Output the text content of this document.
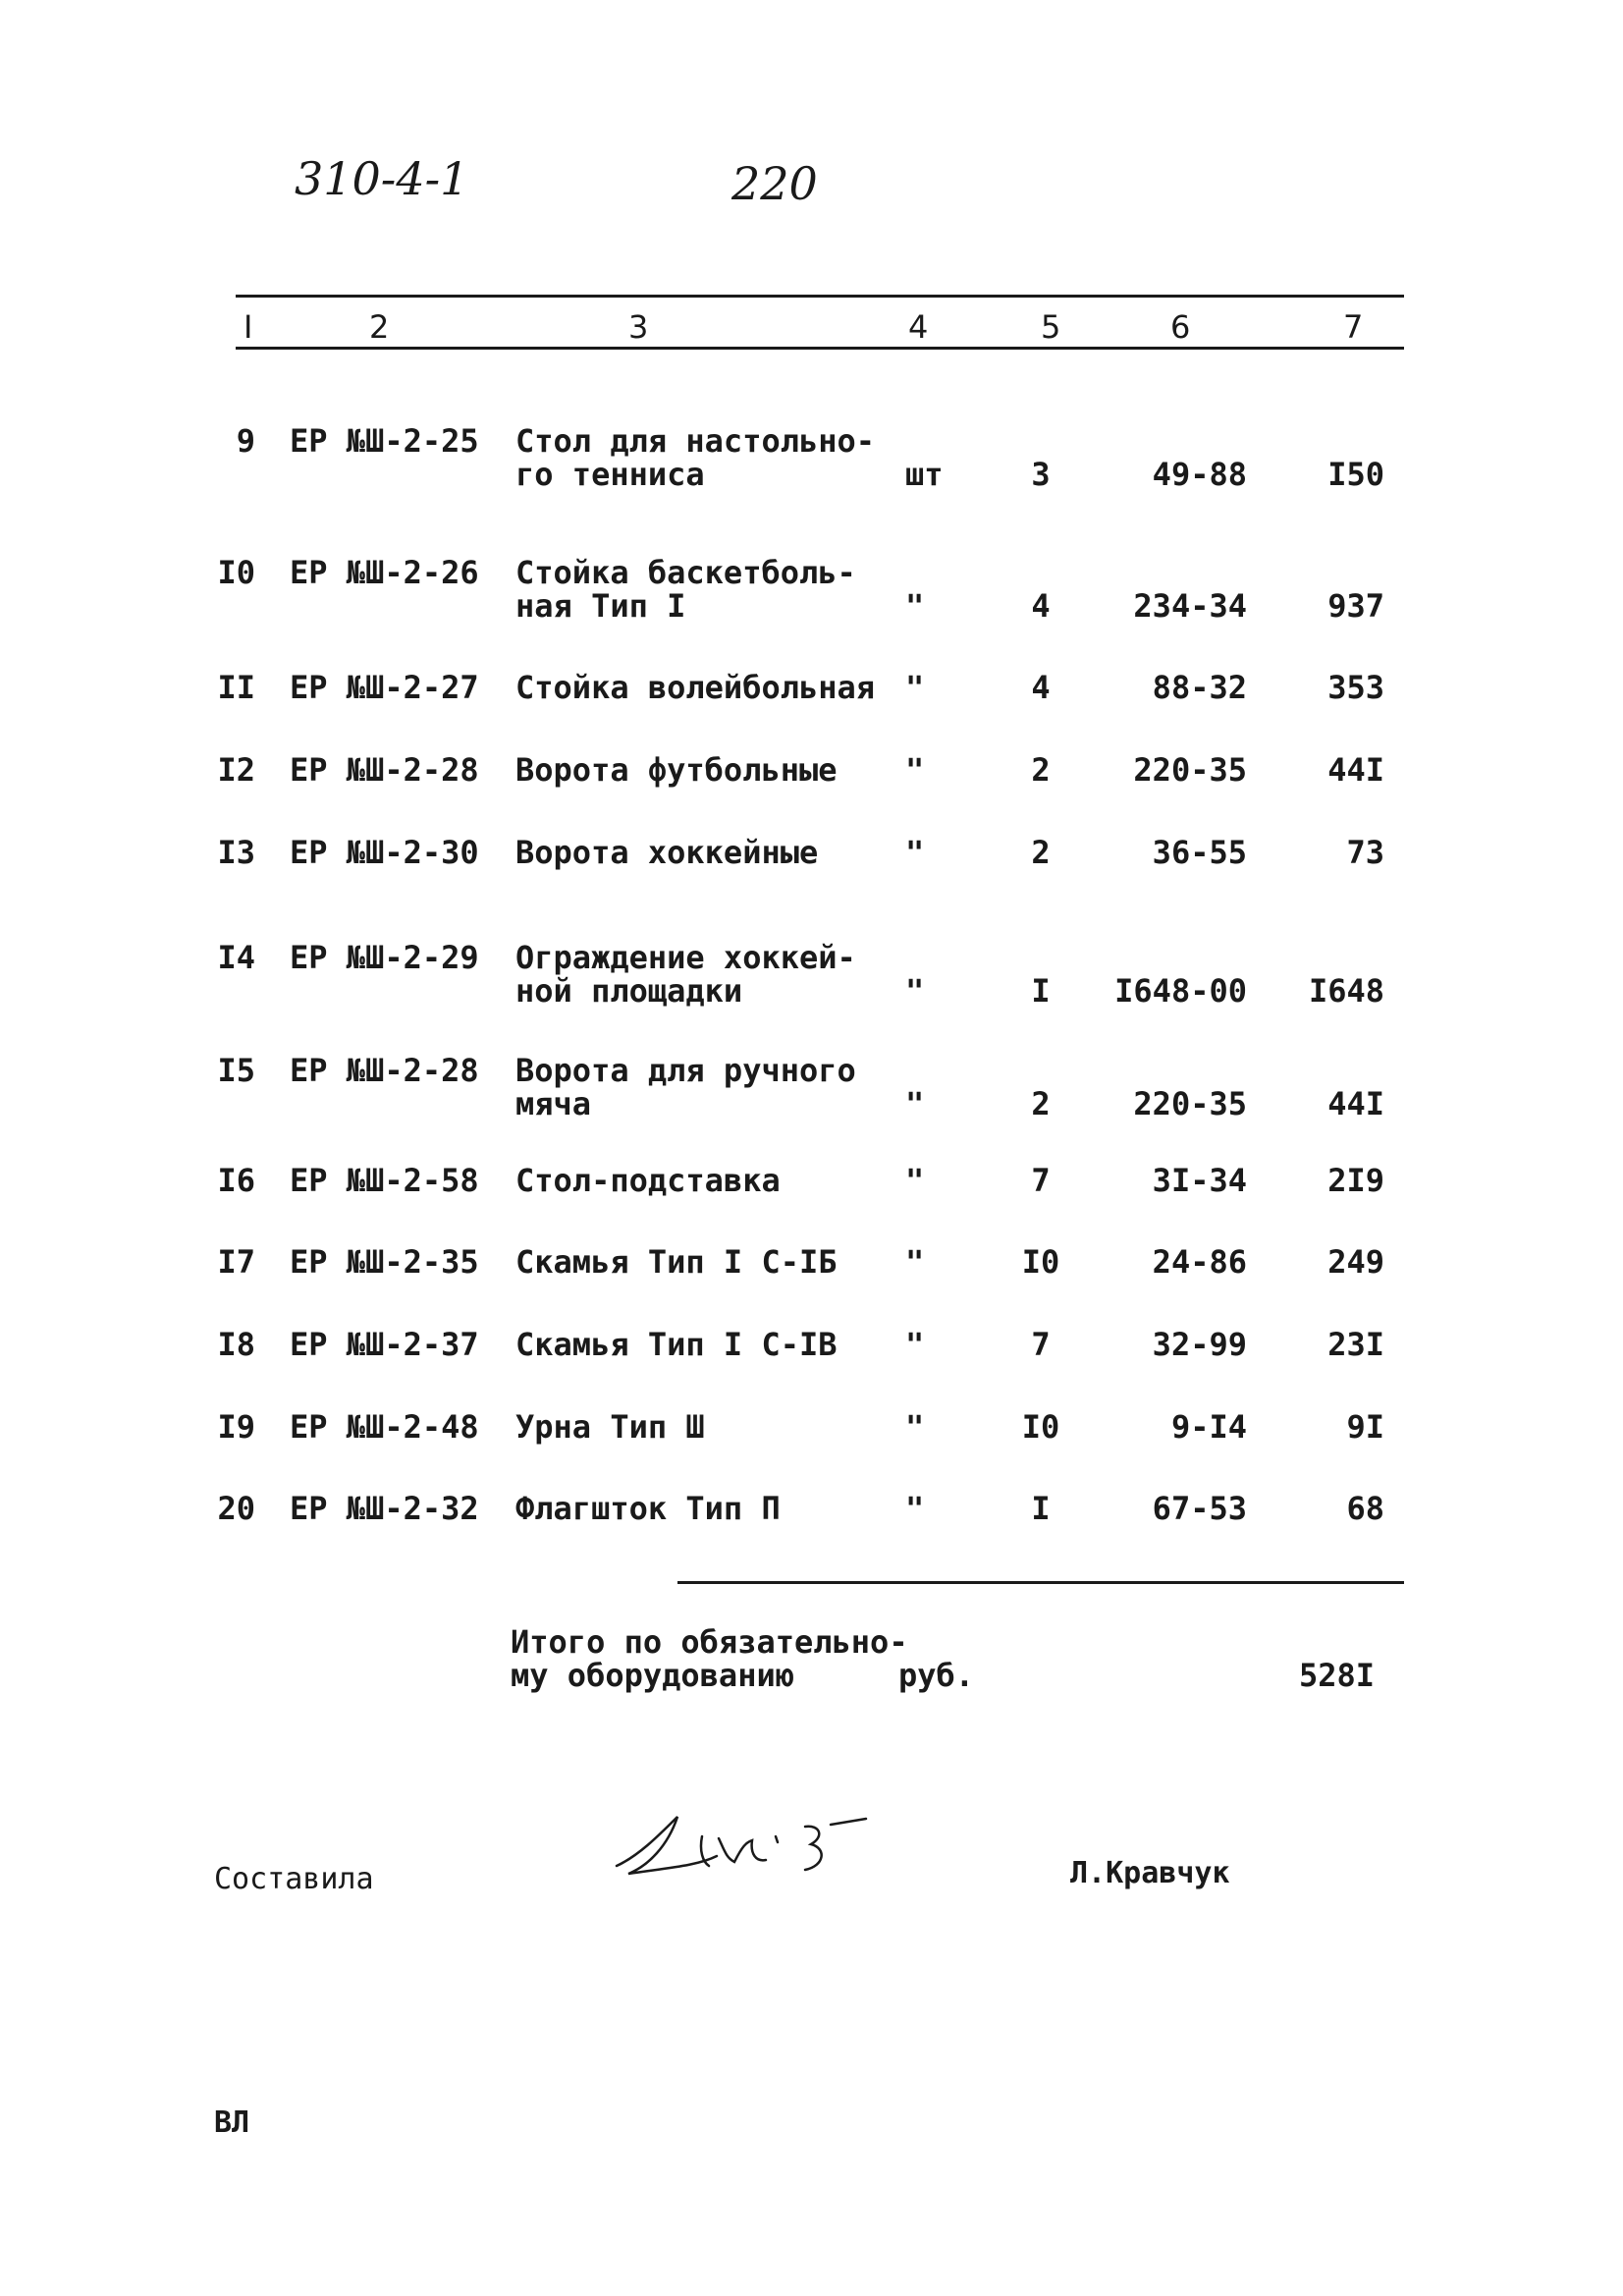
310-4-1	220
I	2	3	4	5	6	7
9 ЕР №Ш-2-25 Стол для настольно-
го тенниса	шт	3	49-88	I50
I0 ЕР №Ш-2-26 Стойка баскетболь-
ная Тип I	"	4	234-34	937
II ЕР №Ш-2-27 Стойка волейбольная "	4	88-32	353
I2 ЕР №Ш-2-28 Ворота футбольные	"	2	220-35	44I
I3 ЕР №Ш-2-30 Ворота хоккейные	"	2	36-55	73
I4 ЕР №Ш-2-29 Ограждение хоккей-
ной площадки	"	I	I648-00	I648
I5 ЕР №Ш-2-28 Ворота для ручного
мяча	"	2	220-35	44I
I6 ЕР №Ш-2-58 Стол-подставка	"	7	3I-34	2I9
I7 ЕР №Ш-2-35 Скамья Тип I С-IБ	"	I0	24-86	249
I8 ЕР №Ш-2-37 Скамья Тип I С-IВ	"	7	32-99	23I
I9 ЕР №Ш-2-48 Урна Тип Ш	"	I0	9-I4	9I
20 ЕР №Ш-2-32 Флагшток Тип П	"	I	67-53	68
Итого по обязательно-
му оборудованию	руб.	528I
Составила	Л.Кравчук
ВЛ
